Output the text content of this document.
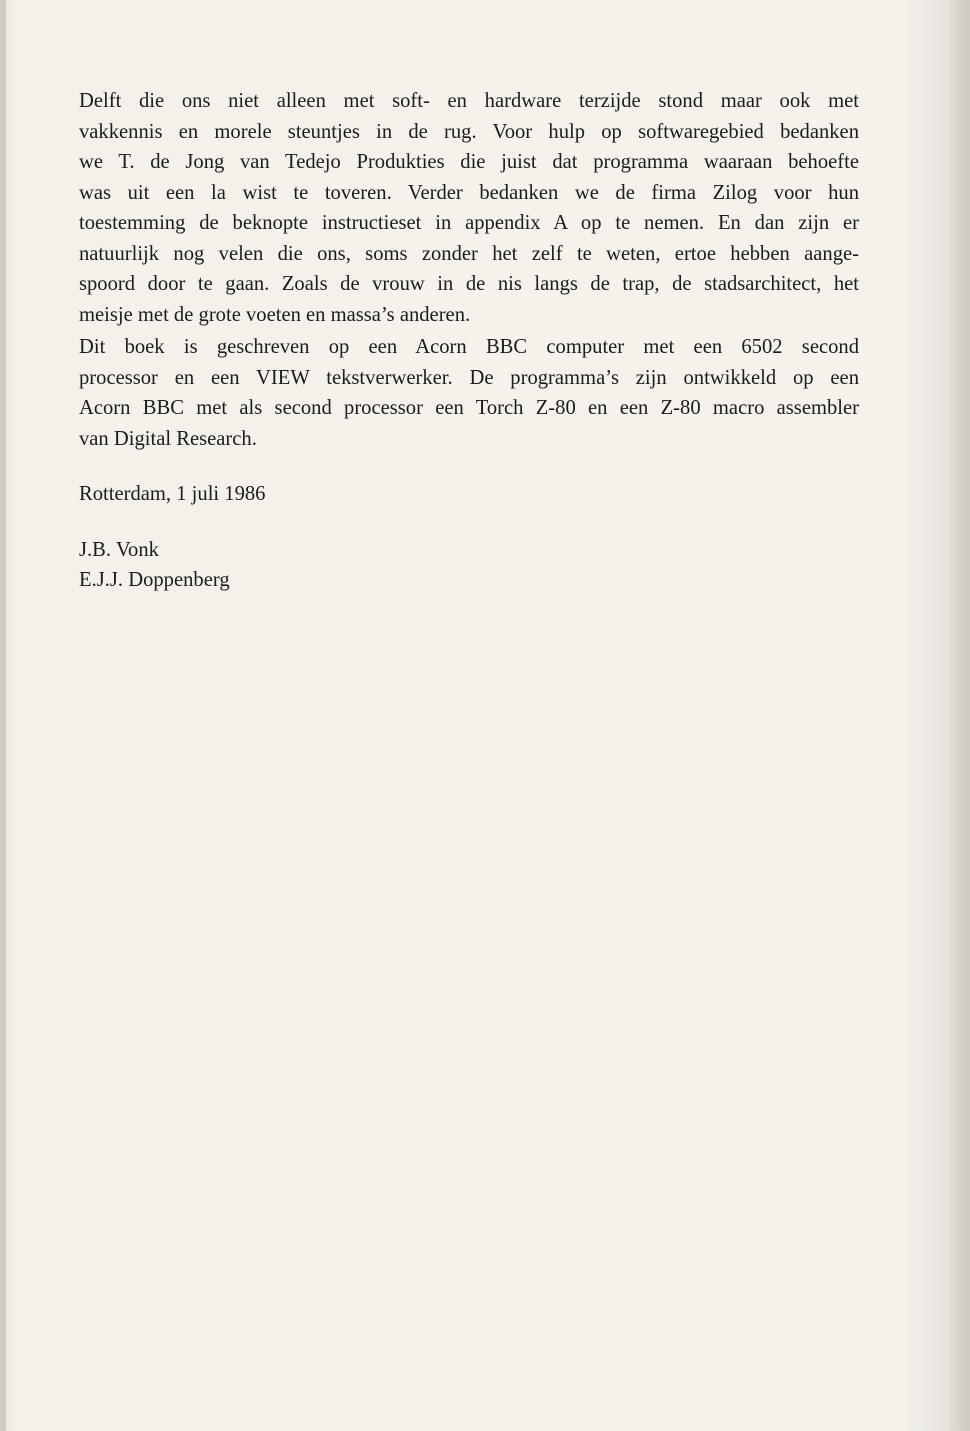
Delft die ons niet alleen met soft- en hardware terzijde stond maar ook met

vakkennis en morele steuntjes in de rug. Voor hulp op softwaregebied bedanken

we T. de Jong van Tedejo Produkties die juist dat programma waaraan behoefte

was uit een la wist te toveren. Verder bedanken we de firma Zilog voor hun

toestemming de beknopte instructieset in appendix A op te nemen. En dan zijn er

natuurlijk nog velen die ons, soms zonder het zelf te weten, ertoe hebben aange-

spoord door te gaan. Zoals de vrouw in de nis langs de trap, de stadsarchitect, het

meisje met de grote voeten en massa’s anderen.

Dit boek is geschreven op een Acorn BBC computer met een 6502 second

processor en een VIEW tekstverwerker. De programma’s zijn ontwikkeld op een

Acorn BBC met als second processor een Torch Z-80 en een Z-80 macro assembler

van Digital Research.

Rotterdam, 1 juli 1986
J.B. Vonk
E.J.J. Doppenberg
